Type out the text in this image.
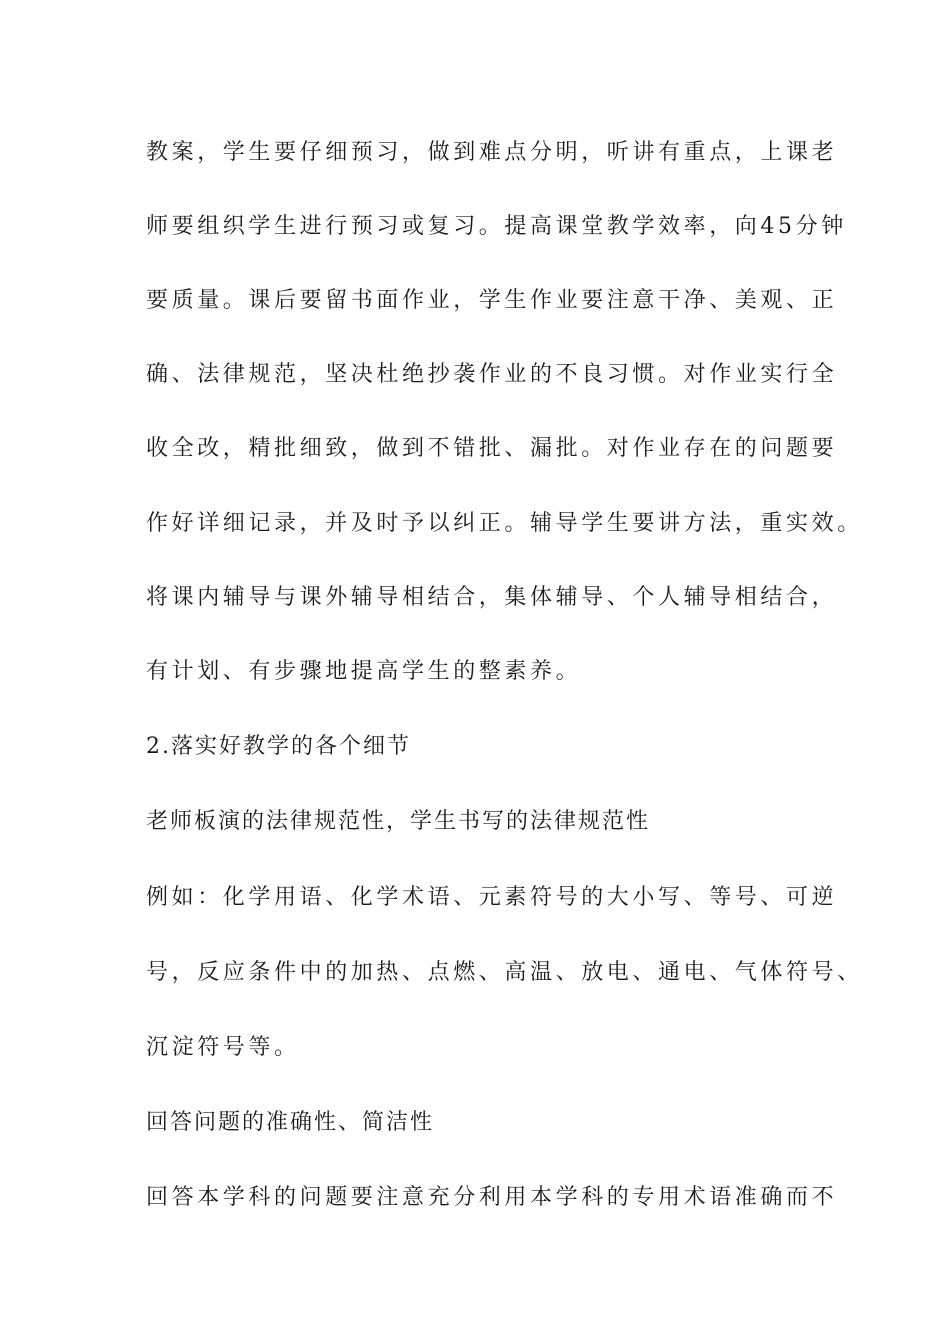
教案，学生要仔细预习，做到难点分明，听讲有重点，上课老
师要组织学生进行预习或复习。提高课堂教学效率，向45分钟
要质量。课后要留书面作业，学生作业要注意干净、美观、正
确、法律规范，坚决杜绝抄袭作业的不良习惯。对作业实行全
收全改，精批细致，做到不错批、漏批。对作业存在的问题要
作好详细记录，并及时予以纠正。辅导学生要讲方法，重实效。
将课内辅导与课外辅导相结合，集体辅导、个人辅导相结合，
有计划、有步骤地提高学生的整素养。
2.落实好教学的各个细节
老师板演的法律规范性，学生书写的法律规范性
例如：化学用语、化学术语、元素符号的大小写、等号、可逆
号，反应条件中的加热、点燃、高温、放电、通电、气体符号、
沉淀符号等。
回答问题的准确性、简洁性
回答本学科的问题要注意充分利用本学科的专用术语准确而不
